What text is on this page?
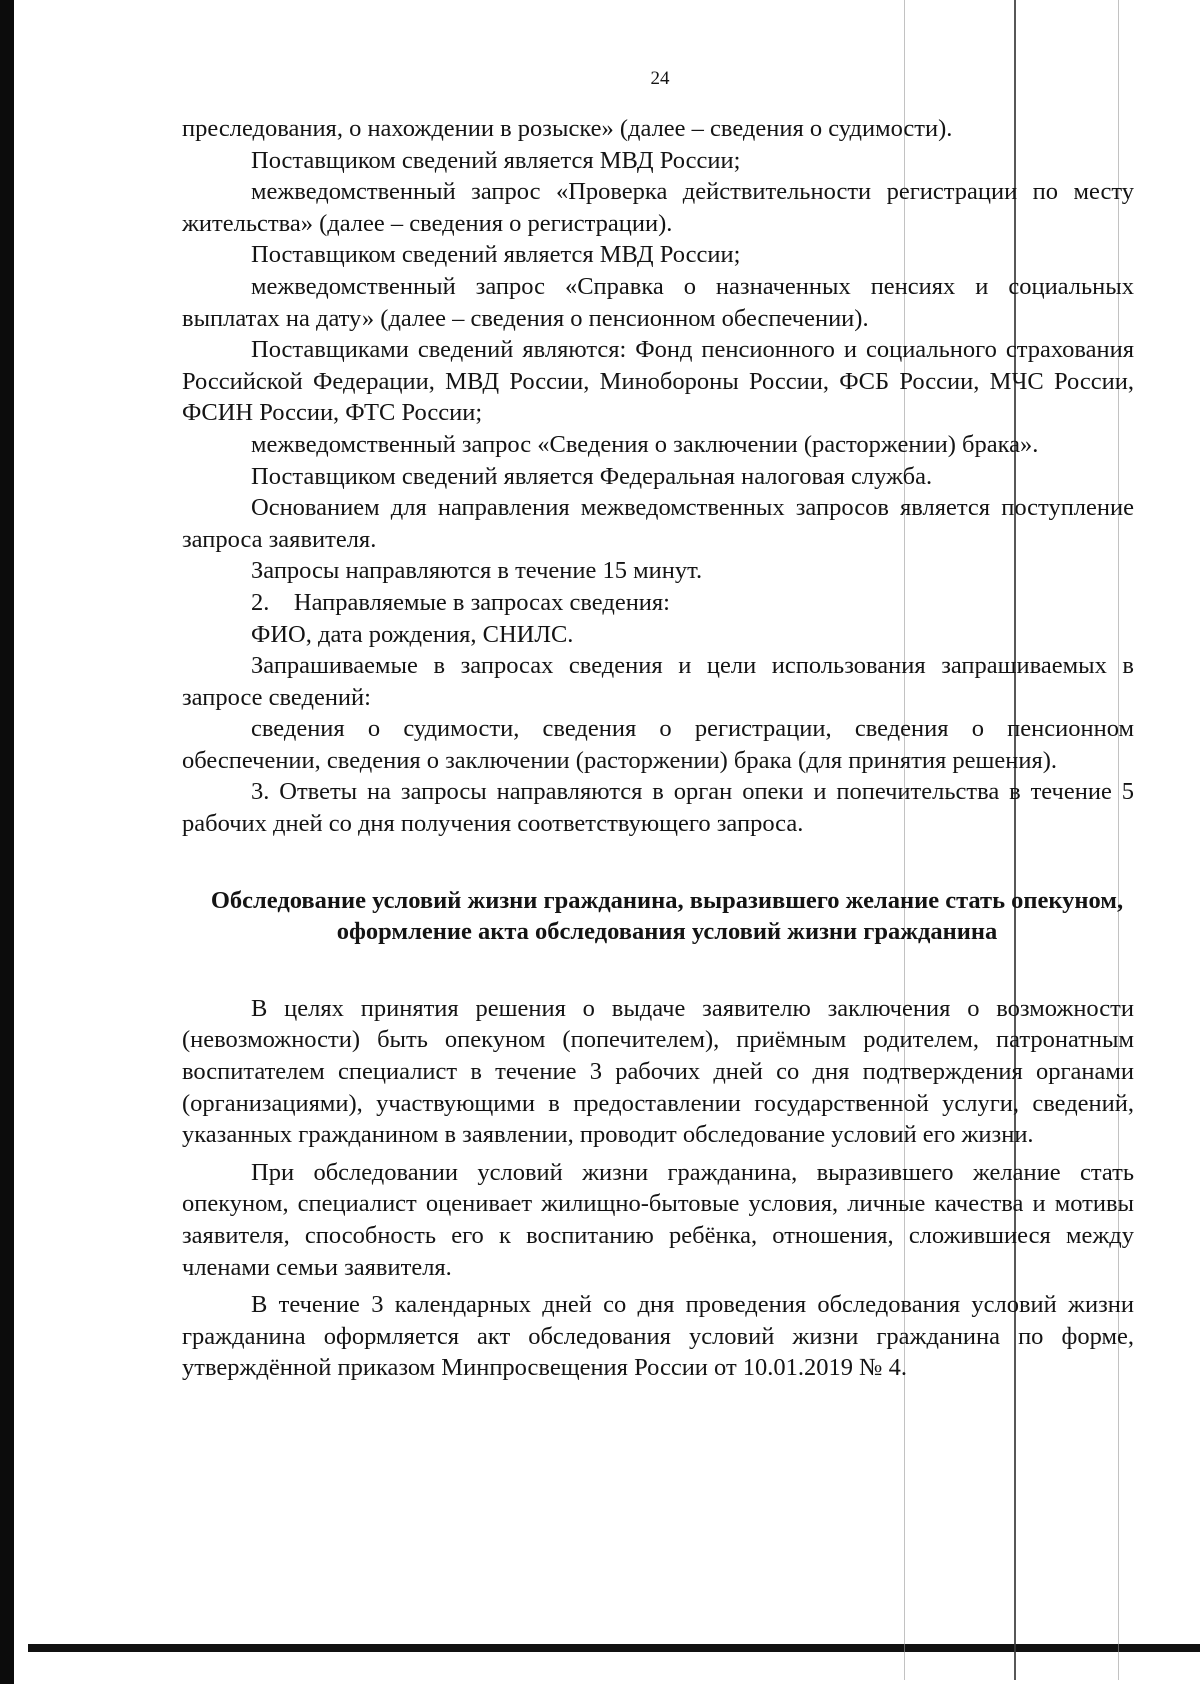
24

преследования, о нахождении в розыске» (далее – сведения о судимости).

Поставщиком сведений является МВД России;

межведомственный запрос «Проверка действительности регистрации по месту жительства» (далее – сведения о регистрации).

Поставщиком сведений является МВД России;

межведомственный запрос «Справка о назначенных пенсиях и социальных выплатах на дату» (далее – сведения о пенсионном обеспечении).

Поставщиками сведений являются: Фонд пенсионного и социального страхования Российской Федерации, МВД России, Минобороны России, ФСБ России, МЧС России, ФСИН России, ФТС России;

межведомственный запрос «Сведения о заключении (расторжении) брака».

Поставщиком сведений является Федеральная налоговая служба.

Основанием для направления межведомственных запросов является поступление запроса заявителя.

Запросы направляются в течение 15 минут.

2. Направляемые в запросах сведения:

ФИО, дата рождения, СНИЛС.

Запрашиваемые в запросах сведения и цели использования запрашиваемых в запросе сведений:

сведения о судимости, сведения о регистрации, сведения о пенсионном обеспечении, сведения о заключении (расторжении) брака (для принятия решения).

3. Ответы на запросы направляются в орган опеки и попечительства в течение 5 рабочих дней со дня получения соответствующего запроса.

Обследование условий жизни гражданина, выразившего желание стать опекуном, оформление акта обследования условий жизни гражданина

В целях принятия решения о выдаче заявителю заключения о возможности (невозможности) быть опекуном (попечителем), приёмным родителем, патронатным воспитателем специалист в течение 3 рабочих дней со дня подтверждения органами (организациями), участвующими в предоставлении государственной услуги, сведений, указанных гражданином в заявлении, проводит обследование условий его жизни.

При обследовании условий жизни гражданина, выразившего желание стать опекуном, специалист оценивает жилищно-бытовые условия, личные качества и мотивы заявителя, способность его к воспитанию ребёнка, отношения, сложившиеся между членами семьи заявителя.

В течение 3 календарных дней со дня проведения обследования условий жизни гражданина оформляется акт обследования условий жизни гражданина по форме, утверждённой приказом Минпросвещения России от 10.01.2019 № 4.
